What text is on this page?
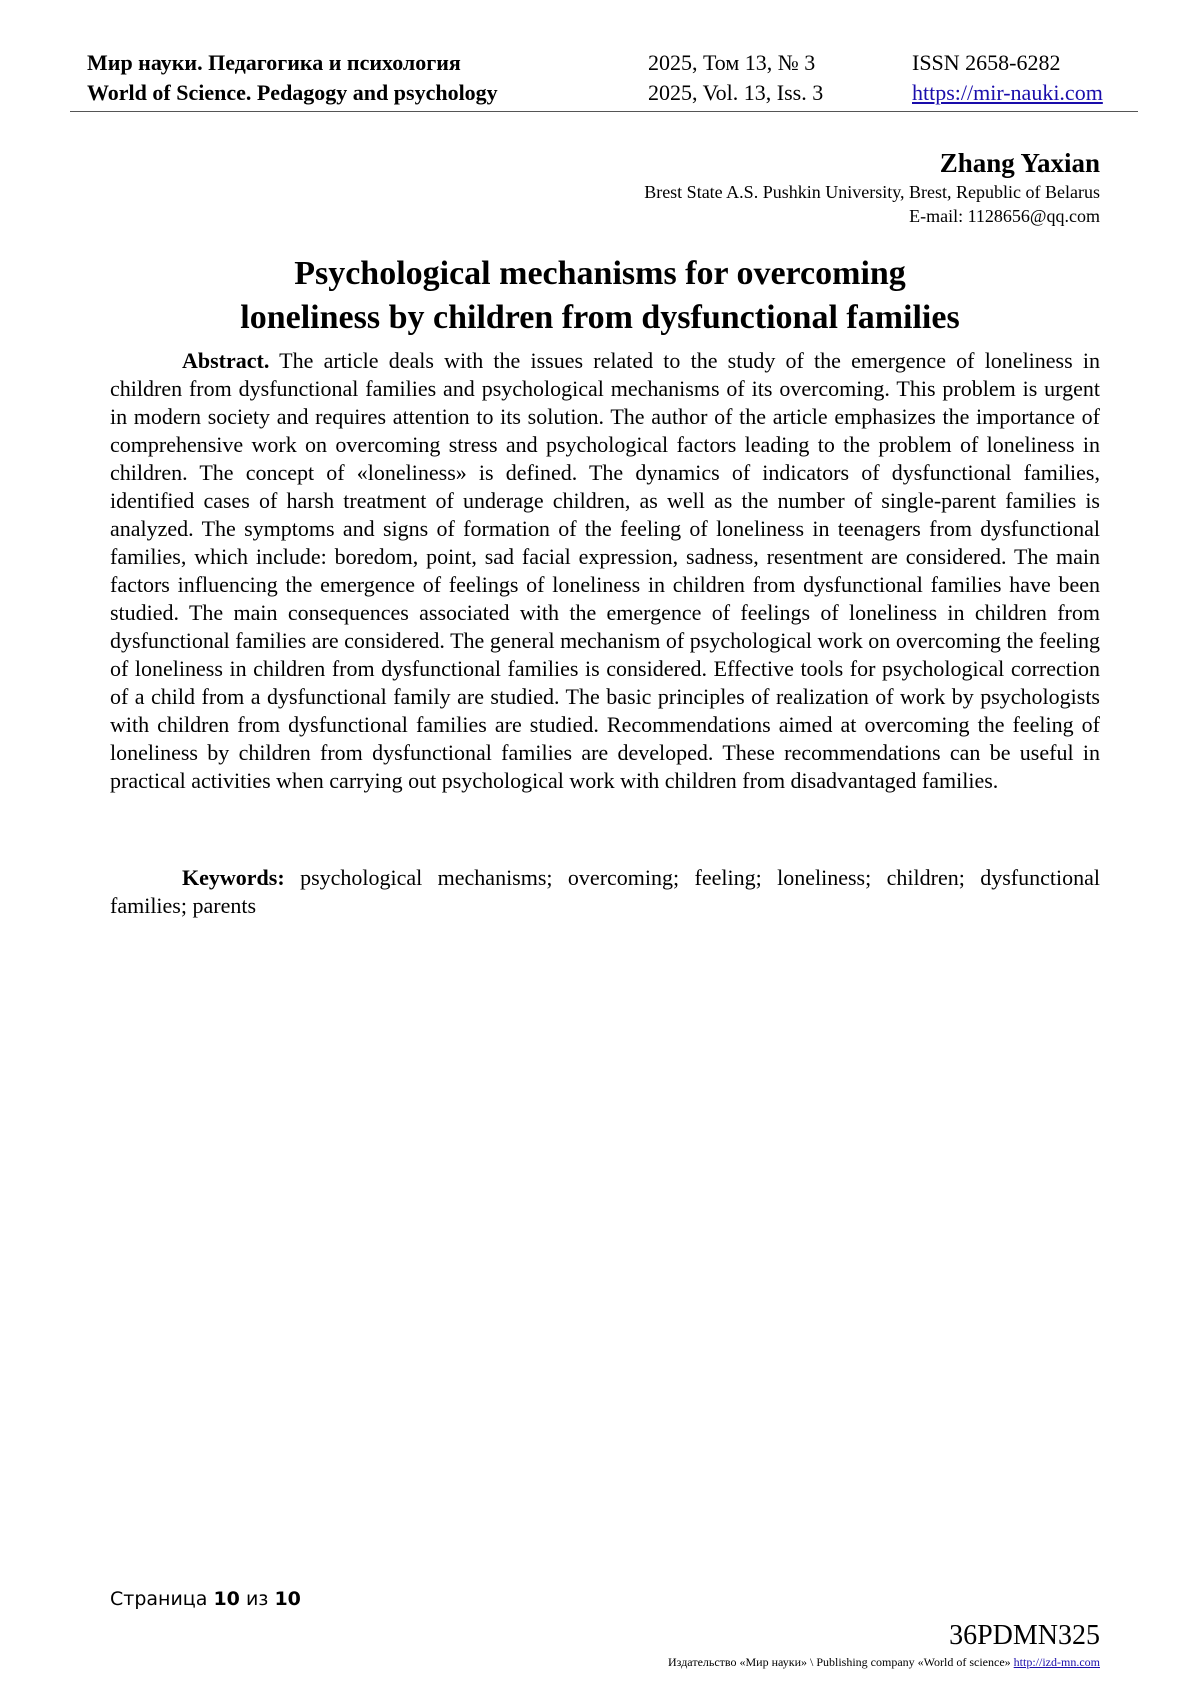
Мир науки. Педагогика и психология
World of Science. Pedagogy and psychology
2025, Том 13, № 3
2025, Vol. 13, Iss. 3
ISSN 2658-6282
https://mir-nauki.com
Zhang Yaxian
Brest State A.S. Pushkin University, Brest, Republic of Belarus
E-mail: 1128656@qq.com
Psychological mechanisms for overcoming
loneliness by children from dysfunctional families

Abstract. The article deals with the issues related to the study of the emergence of loneliness in children from dysfunctional families and psychological mechanisms of its overcoming. This problem is urgent in modern society and requires attention to its solution. The author of the article emphasizes the importance of comprehensive work on overcoming stress and psychological factors leading to the problem of loneliness in children. The concept of «loneliness» is defined. The dynamics of indicators of dysfunctional families, identified cases of harsh treatment of underage children, as well as the number of single-parent families is analyzed. The symptoms and signs of formation of the feeling of loneliness in teenagers from dysfunctional families, which include: boredom, point, sad facial expression, sadness, resentment are considered. The main factors influencing the emergence of feelings of loneliness in children from dysfunctional families have been studied. The main consequences associated with the emergence of feelings of loneliness in children from dysfunctional families are considered. The general mechanism of psychological work on overcoming the feeling of loneliness in children from dysfunctional families is considered. Effective tools for psychological correction of a child from a dysfunctional family are studied. The basic principles of realization of work by psychologists with children from dysfunctional families are studied. Recommendations aimed at overcoming the feeling of loneliness by children from dysfunctional families are developed. These recommendations can be useful in practical activities when carrying out psychological work with children from disadvantaged families.

Keywords: psychological mechanisms; overcoming; feeling; loneliness; children; dysfunctional families; parents

Страница 10 из 10
36PDMN325
Издательство «Мир науки» \ Publishing company «World of science» http://izd-mn.com
